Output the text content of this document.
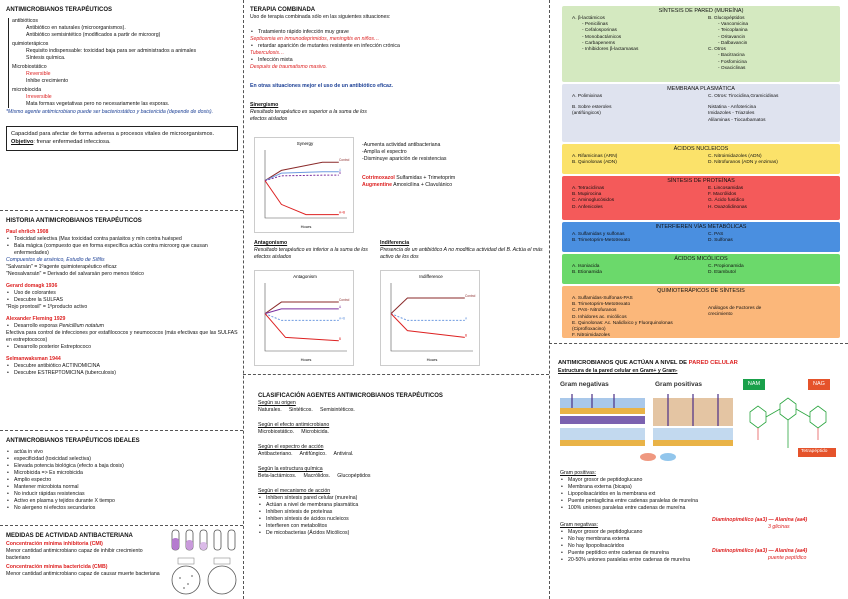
ANTIMICROBIANOS TERAPÉUTICOS
antibióticos
Antibiótico en naturales (microorganismos).
Antibiótico semisintético (modificados a partir de microorg)
quimioterápicos
Requisito indispensable: toxicidad baja para ser administrados a animales
Síntesis química.
Microbiostático
Reversible
Inhibe crecimiento
microbiocida
Irreversible
Mata formas vegetativas pero no necesariamente las esporas.
*Mismo agente antimicrobiano puede ser bacteriostático y bactericida (depende de dosis).
Capacidad para afectar de forma adversa a procesos vitales de microorganismos.
Objetivo: frenar enfermedad infecciosa.
HISTORIA ANTIMICROBIANOS TERAPÉUTICOS
Paul ehrlich 1908
• Toxicidad selectiva (Max toxicidad contra parásitos y mín contra huésped
• Bala mágica (compuesto que en forma específica actúa contra microorg que causan enfermedades)
Compuestos de arsénico, Estudio de Sífilis
"Salvarsán" = 1ºagente quimioterapéutico eficaz
"Neosalvarsán" = Derivado del salvarsán pero menos tóxico
Gerard domagk 1936
• Uso de colorantes
• Descubre la SULFAS
"Rojo prontosil" = 1ºproducto activo
Alexander Fleming 1929
• Desarrollo esporas Penicillium notatum
Efectiva para control de infecciones por estafilococos y neumococos (más efectivas que las SULFAS en estreptococos)
• Desarrollo posterior Estreptococo
Selmanwaksman 1944
• Descubre antibiótico ACTINOMICINA
• Descubre ESTREPTOMICINA (tuberculosis)
ANTIMICROBIANOS TERAPÉUTICOS IDEALES
• actúa in vivo
• especificidad (toxicidad selectiva)
• Elevada potencia biológica (efecto a baja dosis)
• Microbicida => Es microbicida
• Amplio espectro
• Mantener microbiota normal
• No inducir rápidas resistencias
• Activo en plasma y tejidos durante X tiempo
• No alergeno ni efectos secundarios
MEDIDAS DE ACTIVIDAD ANTIBACTERIANA
Concentración mínima inhibitoria (CMI)
Menor cantidad antimicrobiano capaz de inhibir crecimiento bacteriano
Concentración mínima bactericida (CMB)
Menor cantidad antimicrobiano capaz de causar muerte bacteriana
TERAPIA COMBINADA
Uso de terapia combinada sólo en las siguientes situaciones:
• Tratamiento rápido infección muy grave
Septicemia en inmunodeprimidos, meningitis en niños…
• retardar aparición de mutantes resistente en infección crónica
Tuberculosis…
• Infección mixta
Después de traumatismo masivo.
En otras situaciones mejor el uso de un antibiótico eficaz.
Sinergismo
Resultado terapéutico es superior a la suma de los efectos aislados
Synergy
Hours
Control
A
B
A+B
-Aumenta actividad antibacteriana
-Amplía el espectro
-Disminuye aparición de resistencias
Cotrimoxazol Sulfamidas + Trimetoprim
Augmentine Amoxicilina + Clavulánico
Antagonismo
Resultado terapéutico es inferior a la suma de los efectos aislados
Indiferencia
Presencia de un antibiótico A no modifica actividad del B. Actúa el más activo de los dos
Antagonism
Hours
Control
A
A+B
B
Indifference
Hours
Control
A
B
CLASIFICACIÓN AGENTES ANTIMICROBIANOS TERAPÉUTICOS
Según su origen
Naturales.     Sintéticos.     Semisintéticos.
Según el efecto antimicrobiano
Microbiostático.     Microbicida.
Según el espectro de acción
Antibacteriano.     Antifúngico.     Antiviral.
Según la estructura química
Beta-lactámicos.     Macrólidos.     Glucopéptidos
Según el mecanismo de acción
• Inhiben síntesis pared celular (mureína)
• Actúan a nivel de membrana plasmática
• Inhiben síntesis de proteínas
• Inhiben síntesis de ácidos nucleicos
• Interfieren con metabolitos
• De micobacterias (Ácidos Micólicos)
SÍNTESIS DE PARED (MUREÍNA)
A. β-lactámicos
- Penicilinas
- Cefalosporinas
- Monobactámicos
- Carbapenems
- Inhibidores β-lactamasas
B. Glucopéptidos
- Vancomicina
- Teicoplanina
- Oritavancin
- Dalbavancin
C. Otros
- Bacitracina
- Fosfomicina
- Oxaciclinas
MEMBRANA PLASMÁTICA
A. Polimixinas
B. Sobre esteroles
(antifúngicos)
C. Otros: Tirocidina,Gramicidinas
Nistatina - Anfotericina
Imidazoles - Triazoles
Alilaminas - Tiocarbamatos
ÁCIDOS NUCLEICOS
A. Rifamicinas (ARN)
B. Quinolonas (ADN)
C. Nitroimidazoles (ADN)
D. Nitrofuranos (ADN y enzimas)
SÍNTESIS DE PROTEÍNAS
A. Tetraciclinas
B. Mupirocina
C. Aminoglucósidos
D. Anfenicoles
E. Lincosamidas
F. Macrólidos
G. Ácido fusídico
H. Oxazolidinonas
INTERFIEREN VÍAS METABÓLICAS
A. Sulfamidas y sulfonas
B. Trimetoprim-Metotrexato
C. PAS
D. Sulfonas
ÁCIDOS MICÓLICOS
A. Isoniacida
B. Etionamida
C. Propionamida
D. Etambutol
QUIMIOTERÁPICOS DE SÍNTESIS
A. Sulfamidas-Sulfonas-PAS
B. Trimetoprim-Metotrexato
C. PAS- Nitrofuranos
D. Inhidores ac. micólicos
E. Quinolonas: Ac. Nalidíxico y Fluorquinolonas (Ciprofloxacino)
F. Nitroimidazoles
Análogos de Factores de
crecimiento
ANTIMICROBIANOS QUE ACTÚAN A NIVEL DE PARED CELULAR
Estructura de la pared celular en Gram+ y Gram-
Gram negativas	Gram positivas	NAM	NAG
Tetrapéptido
Gram positivas:
• Mayor grosor de peptidoglucano
• Membrana externa (bicapa)
• Lipopolisacáridos en la membrana ext
• Puente pentaglicina entre cadenas paralelas de mureína
• 100% uniones paralelas entre cadenas de mureína
Gram negativas:
• Mayor grosor de peptidoglucano
• No hay membrana externa
• No hay lipopolisacáridos
• Puente peptídico entre cadenas de mureína
• 20-50% uniones paralelas entre cadenas de mureína
Diaminopimélico (aa3) — Alanina (aa4)
3 glicinas
Diaminopimélico (aa3) — Alanina (aa4)
puente peptídico
